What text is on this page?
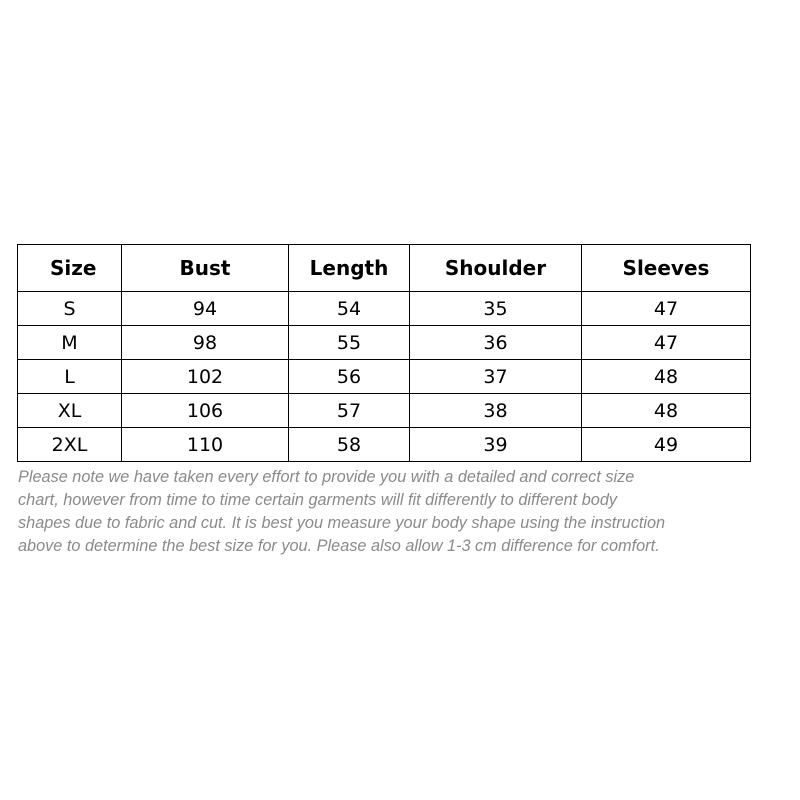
Size	Bust	Length	Shoulder	Sleeves
S	94	54	35	47
M	98	55	36	47
L	102	56	37	48
XL	106	57	38	48
2XL	110	58	39	49

Please note we have taken every effort to provide you with a detailed and correct size
chart, however from time to time certain garments will fit differently to different body
shapes due to fabric and cut. It is best you measure your body shape using the instruction
above to determine the best size for you. Please also allow 1-3 cm difference for comfort.
